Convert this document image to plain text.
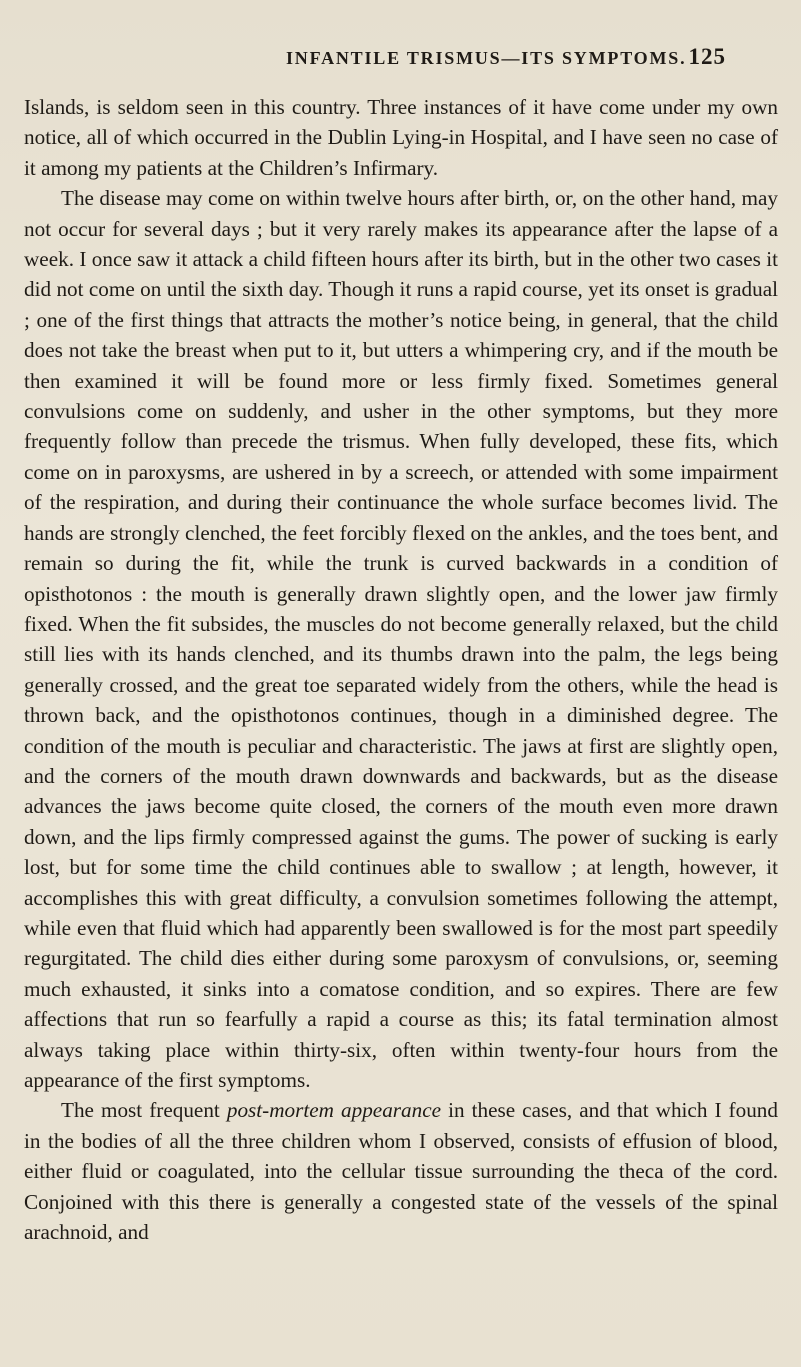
INFANTILE TRISMUS—ITS SYMPTOMS. 125

Islands, is seldom seen in this country. Three instances of it have come under my own notice, all of which occurred in the Dublin Lying-in Hospital, and I have seen no case of it among my patients at the Children’s Infirmary.

The disease may come on within twelve hours after birth, or, on the other hand, may not occur for several days ; but it very rarely makes its appearance after the lapse of a week. I once saw it attack a child fifteen hours after its birth, but in the other two cases it did not come on until the sixth day. Though it runs a rapid course, yet its onset is gradual ; one of the first things that attracts the mother’s notice being, in general, that the child does not take the breast when put to it, but utters a whimpering cry, and if the mouth be then examined it will be found more or less firmly fixed. Sometimes general convulsions come on suddenly, and usher in the other symptoms, but they more frequently follow than precede the trismus. When fully developed, these fits, which come on in paroxysms, are ushered in by a screech, or attended with some impairment of the respiration, and during their continuance the whole surface becomes livid. The hands are strongly clenched, the feet forcibly flexed on the ankles, and the toes bent, and remain so during the fit, while the trunk is curved backwards in a condition of opisthotonos : the mouth is generally drawn slightly open, and the lower jaw firmly fixed. When the fit subsides, the muscles do not become generally relaxed, but the child still lies with its hands clenched, and its thumbs drawn into the palm, the legs being generally crossed, and the great toe separated widely from the others, while the head is thrown back, and the opisthotonos continues, though in a diminished degree. The condition of the mouth is peculiar and characteristic. The jaws at first are slightly open, and the corners of the mouth drawn downwards and backwards, but as the disease advances the jaws become quite closed, the corners of the mouth even more drawn down, and the lips firmly compressed against the gums. The power of sucking is early lost, but for some time the child continues able to swallow ; at length, however, it accomplishes this with great difficulty, a convulsion sometimes following the attempt, while even that fluid which had apparently been swallowed is for the most part speedily regurgitated. The child dies either during some paroxysm of convulsions, or, seeming much exhausted, it sinks into a comatose condition, and so expires. There are few affections that run so fearfully a rapid a course as this; its fatal termination almost always taking place within thirty-six, often within twenty-four hours from the appearance of the first symptoms.

The most frequent post-mortem appearance in these cases, and that which I found in the bodies of all the three children whom I observed, consists of effusion of blood, either fluid or coagulated, into the cellular tissue surrounding the theca of the cord. Conjoined with this there is generally a congested state of the vessels of the spinal arachnoid, and
